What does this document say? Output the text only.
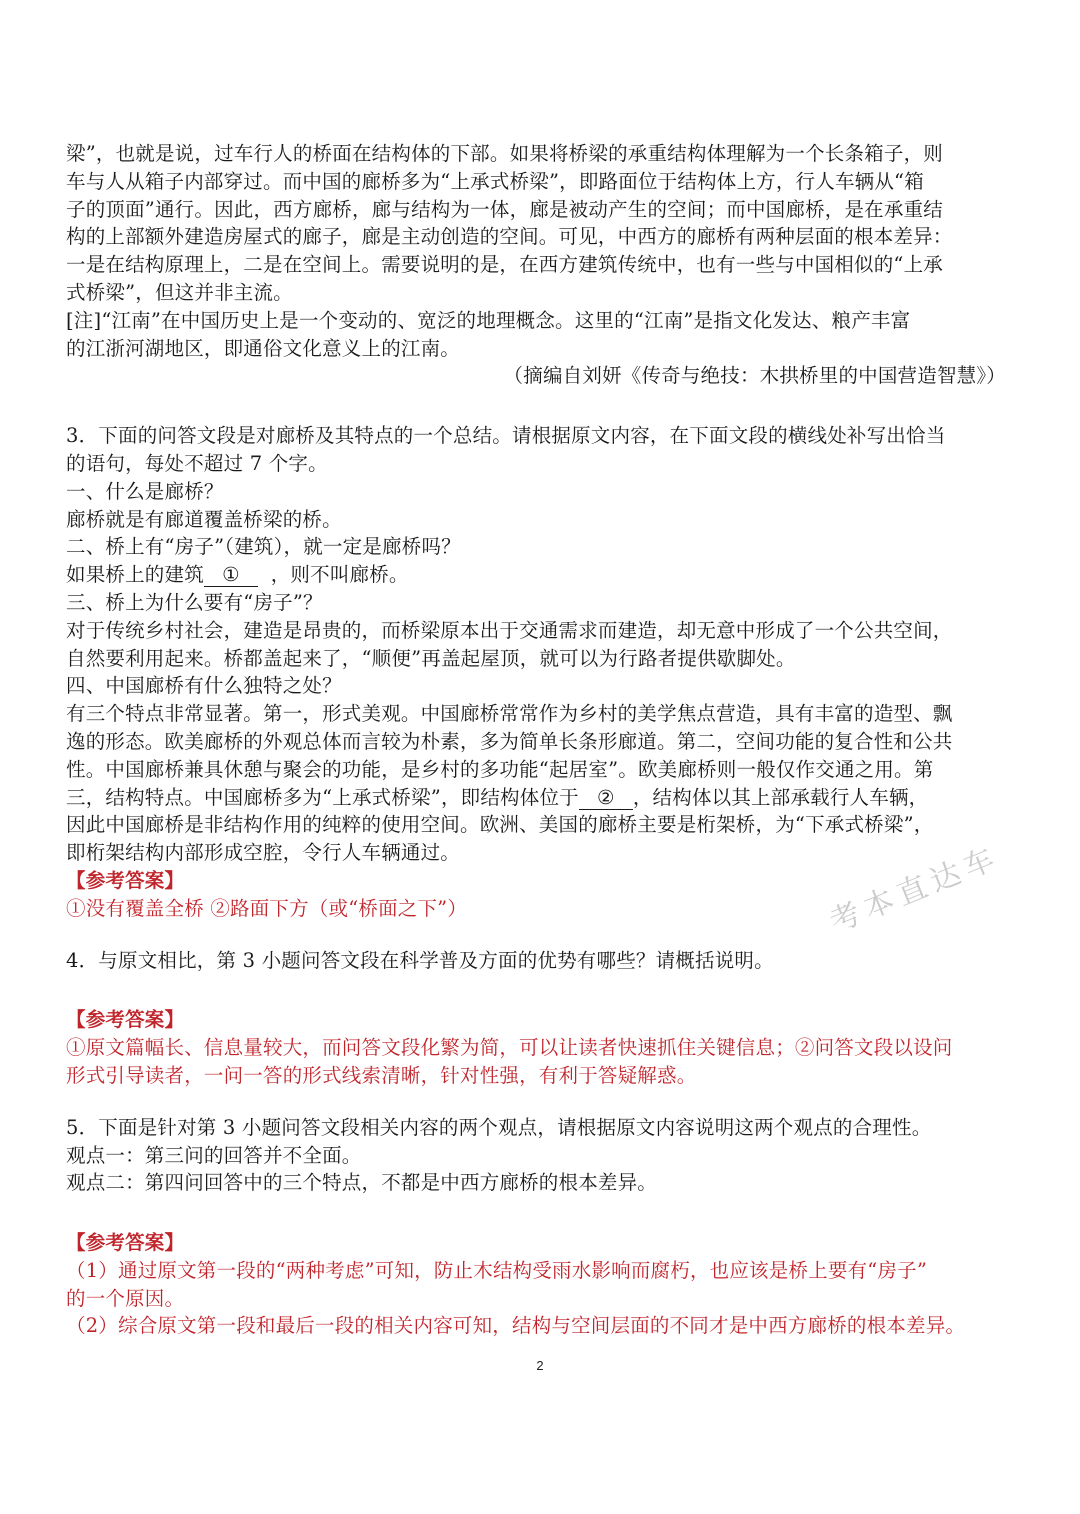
梁”，也就是说，过车行人的桥面在结构体的下部。如果将桥梁的承重结构体理解为一个长条箱子，则

车与人从箱子内部穿过。而中国的廊桥多为“上承式桥梁”，即路面位于结构体上方，行人车辆从“箱

子的顶面”通行。因此，西方廊桥，廊与结构为一体，廊是被动产生的空间；而中国廊桥，是在承重结

构的上部额外建造房屋式的廊子，廊是主动创造的空间。可见，中西方的廊桥有两种层面的根本差异：

一是在结构原理上，二是在空间上。需要说明的是，在西方建筑传统中，也有一些与中国相似的“上承

式桥梁”，但这并非主流。

[注]“江南”在中国历史上是一个变动的、宽泛的地理概念。这里的“江南”是指文化发达、粮产丰富

的江浙河湖地区，即通俗文化意义上的江南。

（摘编自刘妍《传奇与绝技：木拱桥里的中国营造智慧》）

3．下面的问答文段是对廊桥及其特点的一个总结。请根据原文内容，在下面文段的横线处补写出恰当

的语句，每处不超过 7 个字。

一、什么是廊桥？

廊桥就是有廊道覆盖桥梁的桥。

二、桥上有“房子”（建筑），就一定是廊桥吗？

如果桥上的建筑 ① ，则不叫廊桥。

三、桥上为什么要有“房子”？

对于传统乡村社会，建造是昂贵的，而桥梁原本出于交通需求而建造，却无意中形成了一个公共空间，

自然要利用起来。桥都盖起来了，“顺便”再盖起屋顶，就可以为行路者提供歇脚处。

四、中国廊桥有什么独特之处？

有三个特点非常显著。第一，形式美观。中国廊桥常常作为乡村的美学焦点营造，具有丰富的造型、飘

逸的形态。欧美廊桥的外观总体而言较为朴素，多为简单长条形廊道。第二，空间功能的复合性和公共

性。中国廊桥兼具休憩与聚会的功能，是乡村的多功能“起居室”。欧美廊桥则一般仅作交通之用。第

三，结构特点。中国廊桥多为“上承式桥梁”，即结构体位于 ② ，结构体以其上部承载行人车辆，

因此中国廊桥是非结构作用的纯粹的使用空间。欧洲、美国的廊桥主要是桁架桥，为“下承式桥梁”，

即桁架结构内部形成空腔，令行人车辆通过。

【参考答案】

①没有覆盖全桥 ②路面下方（或“桥面之下”）

4．与原文相比，第 3 小题问答文段在科学普及方面的优势有哪些？请概括说明。

【参考答案】

①原文篇幅长、信息量较大，而问答文段化繁为简，可以让读者快速抓住关键信息；②问答文段以设问

形式引导读者，一问一答的形式线索清晰，针对性强，有利于答疑解惑。

5．下面是针对第 3 小题问答文段相关内容的两个观点，请根据原文内容说明这两个观点的合理性。

观点一：第三问的回答并不全面。

观点二：第四问回答中的三个特点，不都是中西方廊桥的根本差异。

【参考答案】

（1）通过原文第一段的“两种考虑”可知，防止木结构受雨水影响而腐朽，也应该是桥上要有“房子”

的一个原因。

（2）综合原文第一段和最后一段的相关内容可知，结构与空间层面的不同才是中西方廊桥的根本差异。

考本直达车
2
